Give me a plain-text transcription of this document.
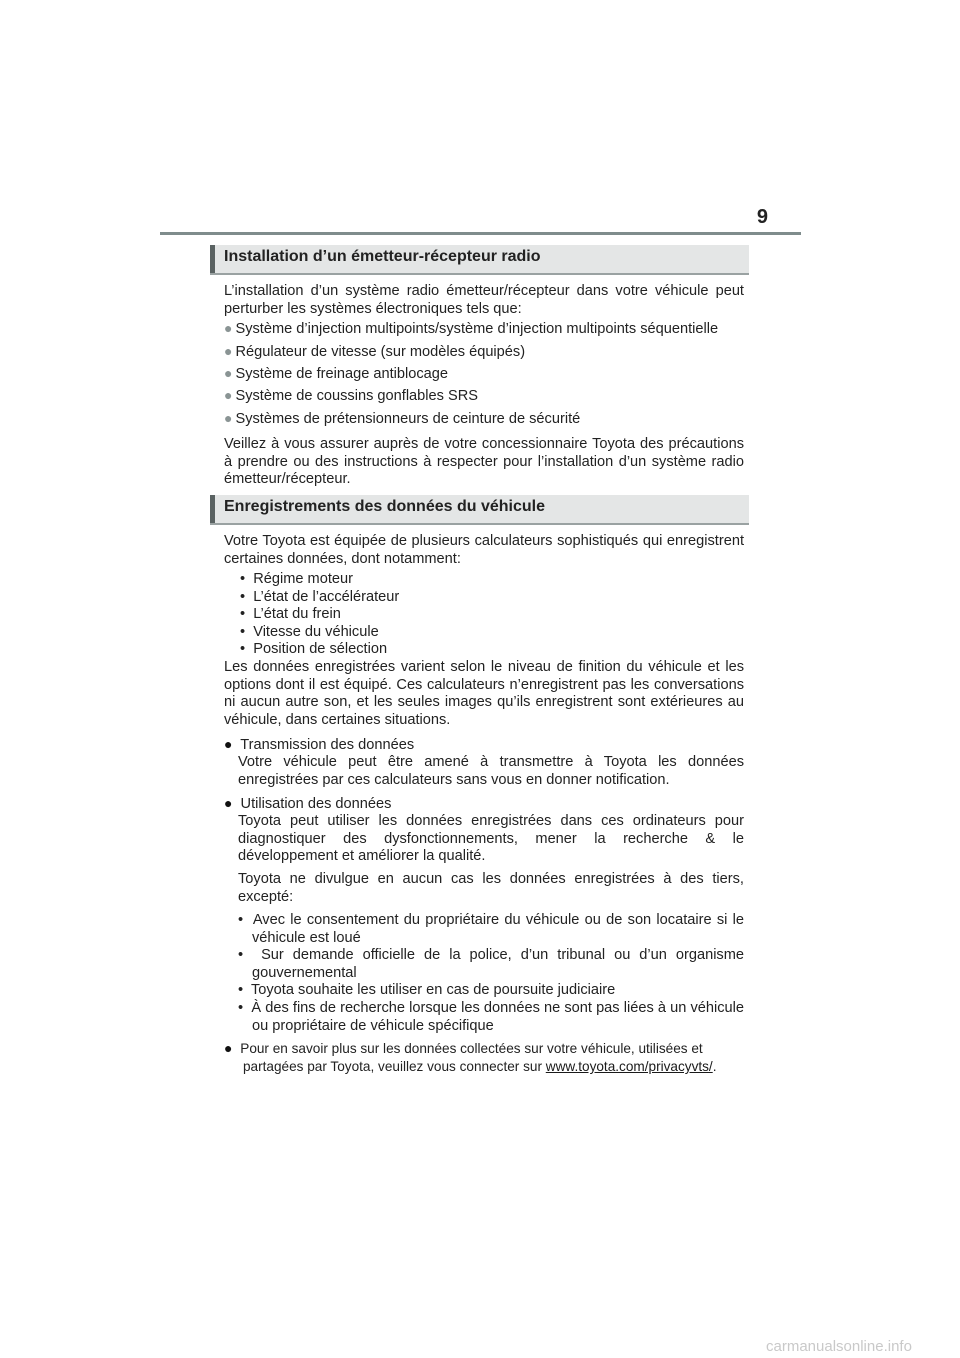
9
Installation d’un émetteur-récepteur radio
L’installation d’un système radio émetteur/récepteur dans votre véhicule peut perturber les systèmes électroniques tels que:
● Système d’injection multipoints/système d’injection multipoints séquentielle
● Régulateur de vitesse (sur modèles équipés)
● Système de freinage antiblocage
● Système de coussins gonflables SRS
● Systèmes de prétensionneurs de ceinture de sécurité
Veillez à vous assurer auprès de votre concessionnaire Toyota des précautions à prendre ou des instructions à respecter pour l’installation d’un système radio émetteur/récepteur.
Enregistrements des données du véhicule
Votre Toyota est équipée de plusieurs calculateurs sophistiqués qui enregistrent certaines données, dont notamment:
• Régime moteur
• L’état de l’accélérateur
• L’état du frein
• Vitesse du véhicule
• Position de sélection
Les données enregistrées varient selon le niveau de finition du véhicule et les options dont il est équipé. Ces calculateurs n’enregistrent pas les conversations ni aucun autre son, et les seules images qu’ils enregistrent sont extérieures au véhicule, dans certaines situations.
● Transmission des données
Votre véhicule peut être amené à transmettre à Toyota les données enregistrées par ces calculateurs sans vous en donner notification.
● Utilisation des données
Toyota peut utiliser les données enregistrées dans ces ordinateurs pour diagnostiquer des dysfonctionnements, mener la recherche & le développement et améliorer la qualité.
Toyota ne divulgue en aucun cas les données enregistrées à des tiers, excepté:
• Avec le consentement du propriétaire du véhicule ou de son locataire si le véhicule est loué
• Sur demande officielle de la police, d’un tribunal ou d’un organisme gouvernemental
• Toyota souhaite les utiliser en cas de poursuite judiciaire
• À des fins de recherche lorsque les données ne sont pas liées à un véhicule ou propriétaire de véhicule spécifique
● Pour en savoir plus sur les données collectées sur votre véhicule, utilisées et
partagées par Toyota, veuillez vous connecter sur www.toyota.com/privacyvts/.
carmanualsonline.info
